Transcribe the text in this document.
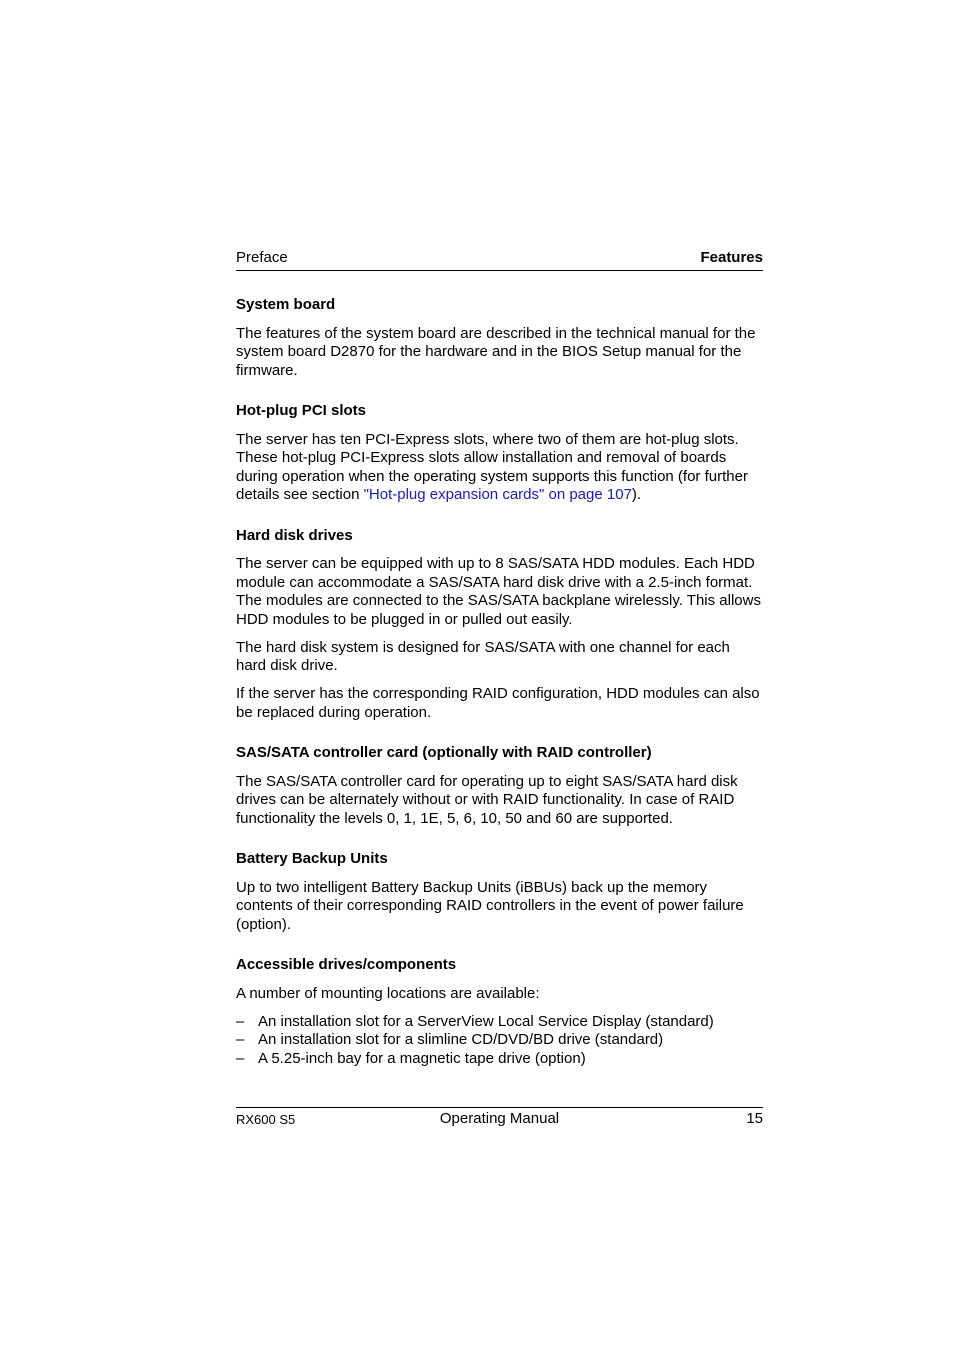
Preface	Features
System board

The features of the system board are described in the technical manual for the system board D2870 for the hardware and in the BIOS Setup manual for the firmware.

Hot-plug PCI slots

The server has ten PCI-Express slots, where two of them are hot-plug slots. These hot-plug PCI-Express slots allow installation and removal of boards during operation when the operating system supports this function (for further details see section "Hot-plug expansion cards" on page 107).

Hard disk drives

The server can be equipped with up to 8 SAS/SATA HDD modules. Each HDD module can accommodate a SAS/SATA hard disk drive with a 2.5-inch format. The modules are connected to the SAS/SATA backplane wirelessly. This allows HDD modules to be plugged in or pulled out easily.

The hard disk system is designed for SAS/SATA with one channel for each hard disk drive.

If the server has the corresponding RAID configuration, HDD modules can also be replaced during operation.

SAS/SATA controller card (optionally with RAID controller)

The SAS/SATA controller card for operating up to eight SAS/SATA hard disk drives can be alternately without or with RAID functionality. In case of RAID functionality the levels 0, 1, 1E, 5, 6, 10, 50 and 60 are supported.

Battery Backup Units

Up to two intelligent Battery Backup Units (iBBUs) back up the memory contents of their corresponding RAID controllers in the event of power failure (option).

Accessible drives/components

A number of mounting locations are available:

– An installation slot for a ServerView Local Service Display (standard)
– An installation slot for a slimline CD/DVD/BD drive (standard)
– A 5.25-inch bay for a magnetic tape drive (option)
RX600 S5	Operating Manual	15
